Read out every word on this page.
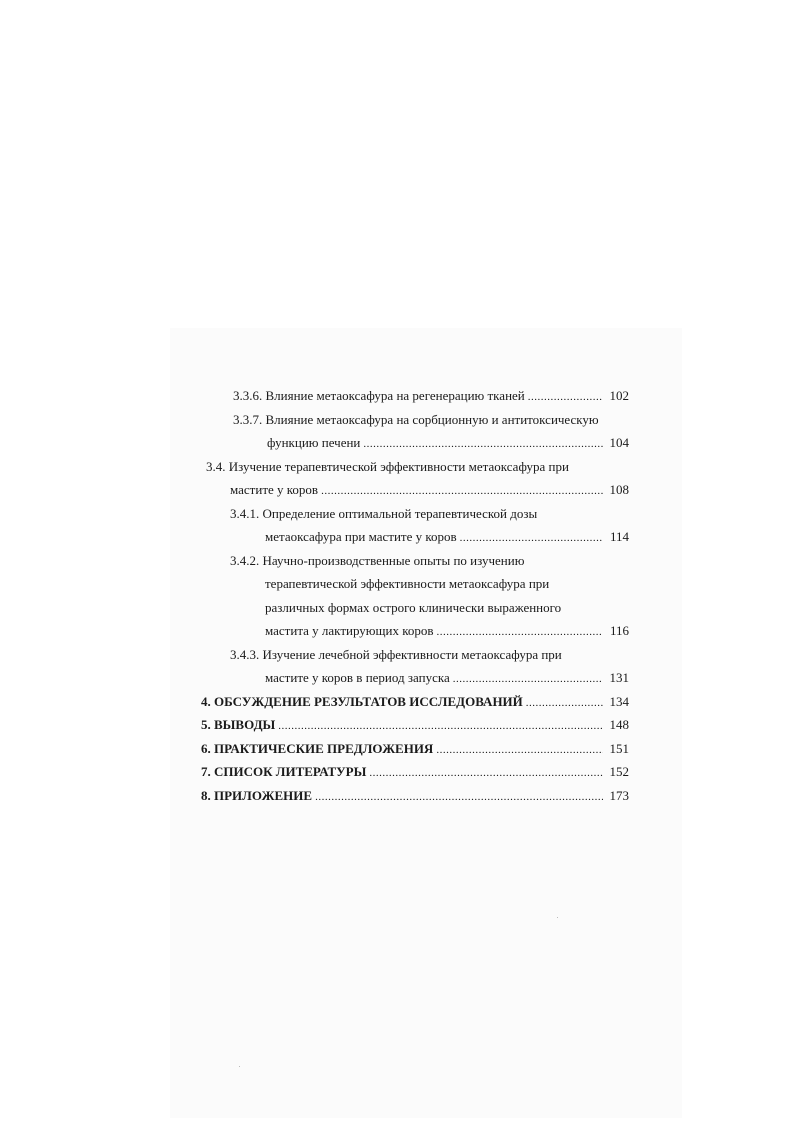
3.3.6. Влияние метаоксафура на регенерацию тканей .....	102
3.3.7. Влияние метаоксафура на сорбционную и антитоксическую
функцию печени .....	104
3.4. Изучение терапевтической эффективности метаоксафура при
мастите у коров .....	108
3.4.1. Определение оптимальной терапевтической дозы
метаоксафура при мастите у коров .....	114
3.4.2. Научно-производственные опыты по изучению
терапевтической эффективности метаоксафура при
различных формах острого клинически выраженного
мастита у лактирующих коров .....	116
3.4.3. Изучение лечебной эффективности метаоксафура при
мастите у коров в период запуска .....	131
4. ОБСУЖДЕНИЕ РЕЗУЛЬТАТОВ ИССЛЕДОВАНИЙ .....	134
5. ВЫВОДЫ .....	148
6. ПРАКТИЧЕСКИЕ ПРЕДЛОЖЕНИЯ .....	151
7. СПИСОК ЛИТЕРАТУРЫ .....	152
8. ПРИЛОЖЕНИЕ .....	173
